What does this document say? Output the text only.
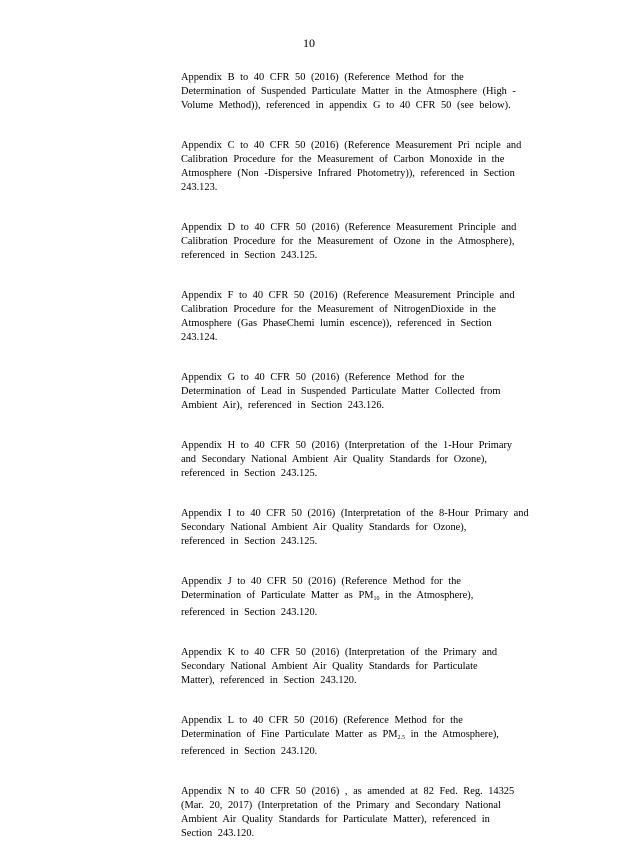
10
Appendix B to 40 CFR 50 (2016) (Reference Method for the
Determination of Suspended Particulate Matter in the Atmosphere (High -
Volume Method)), referenced in appendix G to 40 CFR 50 (see below).
Appendix C to 40 CFR 50 (2016) (Reference Measurement Pri nciple and
Calibration Procedure for the Measurement of Carbon Monoxide in the
Atmosphere (Non -Dispersive Infrared Photometry)), referenced in Section
243.123.
Appendix D to 40 CFR 50 (2016) (Reference Measurement Principle and
Calibration Procedure for the Measurement of Ozone in the Atmosphere),
referenced in Section 243.125.
Appendix F to 40 CFR 50 (2016) (Reference Measurement Principle and
Calibration Procedure for the Measurement of NitrogenDioxide in the
Atmosphere (Gas PhaseChemi lumin escence)), referenced in Section
243.124.
Appendix G to 40 CFR 50 (2016) (Reference Method for the
Determination of Lead in Suspended Particulate Matter Collected from
Ambient Air), referenced in Section 243.126.
Appendix H to 40 CFR 50 (2016) (Interpretation of the 1-Hour Primary
and Secondary National Ambient Air Quality Standards for Ozone),
referenced in Section 243.125.
Appendix I to 40 CFR 50 (2016) (Interpretation of the 8-Hour Primary and
Secondary National Ambient Air Quality Standards for Ozone),
referenced in Section 243.125.
Appendix J to 40 CFR 50 (2016) (Reference Method for the
Determination of Particulate Matter as $PM_{10}$ in the Atmosphere),
referenced in Section 243.120.
Appendix K to 40 CFR 50 (2016) (Interpretation of the Primary and
Secondary National Ambient Air Quality Standards for Particulate
Matter), referenced in Section 243.120.
Appendix L to 40 CFR 50 (2016) (Reference Method for the
Determination of Fine Particulate Matter as $PM_{2.5}$ in the Atmosphere),
referenced in Section 243.120.
Appendix N to 40 CFR 50 (2016) , as amended at 82 Fed. Reg. 14325
(Mar. 20, 2017) (Interpretation of the Primary and Secondary National
Ambient Air Quality Standards for Particulate Matter), referenced in
Section 243.120.
